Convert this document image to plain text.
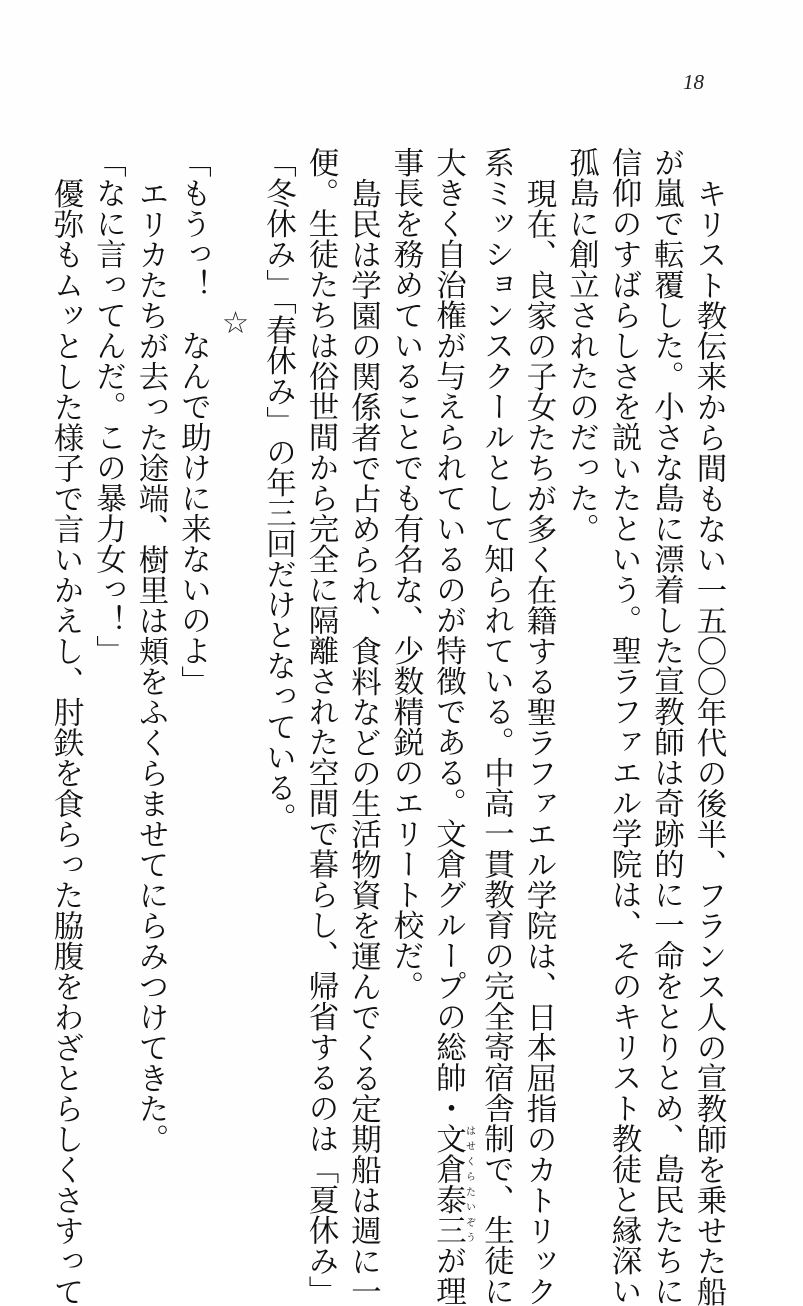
18
キリスト教伝来から間もない一五〇〇年代の後半、フランス人の宣教師を乗せた船
が嵐で転覆した。小さな島に漂着した宣教師は奇跡的に一命をとりとめ、島民たちに
信仰のすばらしさを説いたという。聖ラファエル学院は、そのキリスト教徒と縁深い
孤島に創立されたのだった。
現在、良家の子女たちが多く在籍する聖ラファエル学院は、日本屈指のカトリック
系ミッションスクールとして知られている。中高一貫教育の完全寄宿舎制で、生徒に
大きく自治権が与えられているのが特徴である。文倉グループの総帥・文倉泰三はせくらたいぞうが理
事長を務めていることでも有名な、少数精鋭のエリート校だ。
島民は学園の関係者で占められ、食料などの生活物資を運んでくる定期船は週に一
便。生徒たちは俗世間から完全に隔離された空間で暮らし、帰省するのは「夏休み」
「冬休み」「春休み」の年三回だけとなっている。
☆
「もうっ！　なんで助けに来ないのよ」
エリカたちが去った途端、樹里は頬をふくらませてにらみつけてきた。
「なに言ってんだ。この暴力女っ！」
優弥もムッとした様子で言いかえし、肘鉄を食らった脇腹をわざとらしくさすって
